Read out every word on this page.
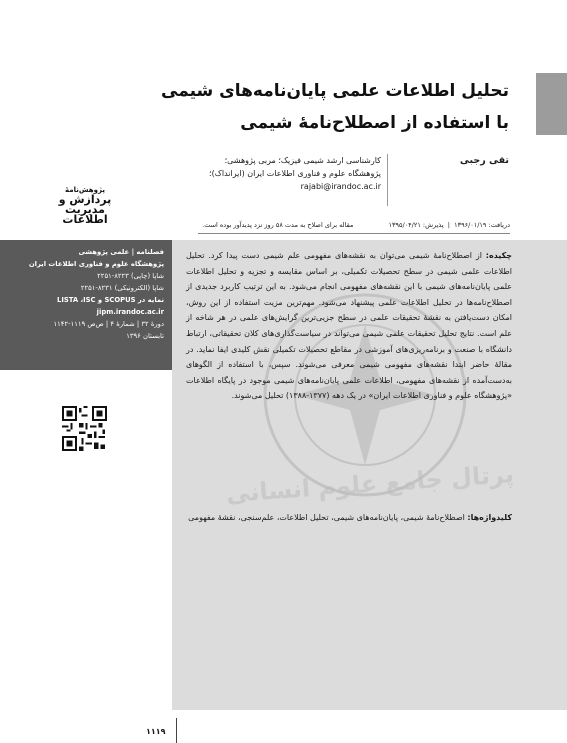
تحلیل اطلاعات علمی پایان‌نامه‌های شیمی
با استفاده از اصطلاح‌نامهٔ شیمی
تقی رجبی
کارشناسی ارشد شیمی فیزیک؛ مربی پژوهشی؛
پژوهشگاه علوم و فناوری اطلاعات ایران (ایرانداک)؛
rajabi@irandoc.ac.ir
دریافت: ۱۳۹۶/۰۱/۱۹  |  پذیرش: ۱۳۹۵/۰۴/۲۱                 مقاله برای اصلاح به مدت ۵۸ روز نزد پدیدآور بوده است.
پژوهش‌نامهٔ
پردازش و
مدیریت
اطلاعات
فصلنامه | علمی پژوهشی
پژوهشگاه علوم و فناوری اطلاعات ایران
شاپا (چاپی) ۸۲۲۳-۲۲۵۱
شاپا (الکترونیکی) ۸۲۳۱-۲۲۵۱
نمایه در SCOPUS و LISTA ،ISC
jipm.irandoc.ac.ir
دورهٔ ۳۲ | شمارهٔ ۴ | ص‌ص ۱۱۱۹-۱۱۴۲
تابستان ۱۳۹۶
چکیده: از اصطلاح‌نامهٔ شیمی می‌توان به نقشه‌های مفهومی علم شیمی دست پیدا کرد. تحلیل اطلاعات علمی شیمی در سطح تحصیلات تکمیلی، بر اساس مقایسه و تجزیه و تحلیل اطلاعات علمی پایان‌نامه‌های شیمی با این نقشه‌های مفهومی انجام می‌شود. به این ترتیب کاربرد جدیدی از اصطلاح‌نامه‌ها در تحلیل اطلاعات علمی پیشنهاد می‌شود. مهم‌ترین مزیت استفاده از این روش، امکان دست‌یافتن به نقشهٔ تحقیقات علمی در سطح جزیی‌ترین گرایش‌های علمی در هر شاخه از علم است. نتایج تحلیل تحقیقات علمی شیمی می‌تواند در سیاست‌گذاری‌های کلان تحقیقاتی، ارتباط دانشگاه با صنعت و برنامه‌ریزی‌های آموزشی در مقاطع تحصیلات تکمیلی نقش کلیدی ایفا نماید. در مقالهٔ حاضر ابتدا نقشه‌های مفهومی شیمی معرفی می‌شوند. سپس، با استفاده از الگوهای به‌دست‌آمده از نقشه‌های مفهومی، اطلاعات علمی پایان‌نامه‌های شیمی موجود در پایگاه اطلاعات «پژوهشگاه علوم و فناوری اطلاعات ایران» در یک دهه (۱۳۷۷-۱۳۸۸) تحلیل می‌شوند.
کلیدواژه‌ها: اصطلاح‌نامهٔ شیمی، پایان‌نامه‌های شیمی، تحلیل اطلاعات، علم‌سنجی، نقشهٔ مفهومی
پرتال جامع علوم انسانی
۱۱۱۹
